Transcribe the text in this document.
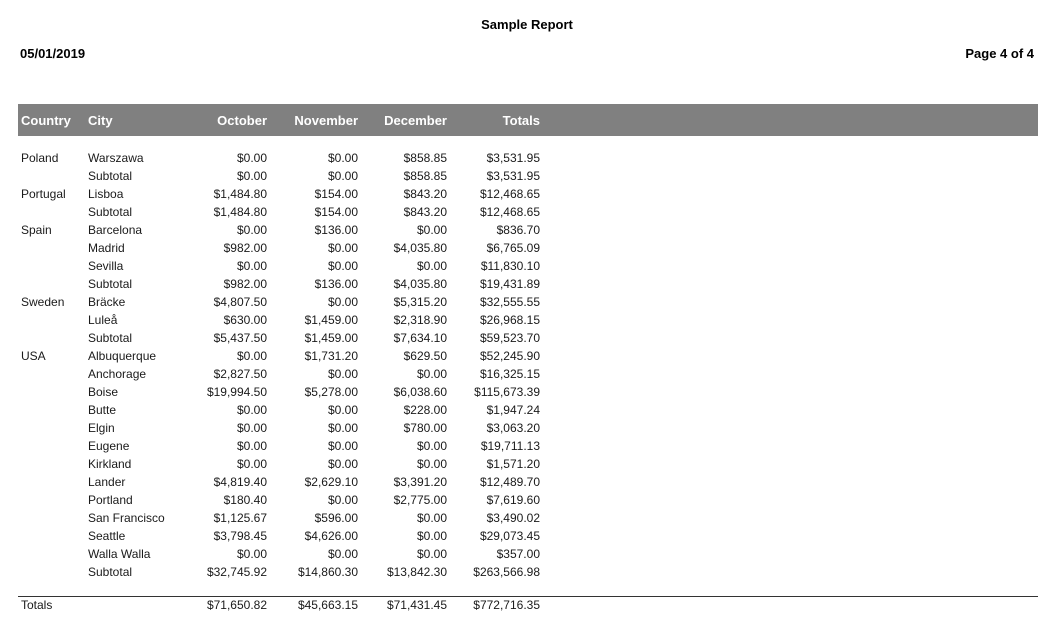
Sample Report
05/01/2019	Page 4 of 4
Country	City	October	November	December	Totals	

Poland	Warszawa	$0.00	$0.00	$858.85	$3,531.95	
	Subtotal	$0.00	$0.00	$858.85	$3,531.95	
Portugal	Lisboa	$1,484.80	$154.00	$843.20	$12,468.65	
	Subtotal	$1,484.80	$154.00	$843.20	$12,468.65	
Spain	Barcelona	$0.00	$136.00	$0.00	$836.70	
	Madrid	$982.00	$0.00	$4,035.80	$6,765.09	
	Sevilla	$0.00	$0.00	$0.00	$11,830.10	
	Subtotal	$982.00	$136.00	$4,035.80	$19,431.89	
Sweden	Bräcke	$4,807.50	$0.00	$5,315.20	$32,555.55	
	Luleå	$630.00	$1,459.00	$2,318.90	$26,968.15	
	Subtotal	$5,437.50	$1,459.00	$7,634.10	$59,523.70	
USA	Albuquerque	$0.00	$1,731.20	$629.50	$52,245.90	
	Anchorage	$2,827.50	$0.00	$0.00	$16,325.15	
	Boise	$19,994.50	$5,278.00	$6,038.60	$115,673.39	
	Butte	$0.00	$0.00	$228.00	$1,947.24	
	Elgin	$0.00	$0.00	$780.00	$3,063.20	
	Eugene	$0.00	$0.00	$0.00	$19,711.13	
	Kirkland	$0.00	$0.00	$0.00	$1,571.20	
	Lander	$4,819.40	$2,629.10	$3,391.20	$12,489.70	
	Portland	$180.40	$0.00	$2,775.00	$7,619.60	
	San Francisco	$1,125.67	$596.00	$0.00	$3,490.02	
	Seattle	$3,798.45	$4,626.00	$0.00	$29,073.45	
	Walla Walla	$0.00	$0.00	$0.00	$357.00	
	Subtotal	$32,745.92	$14,860.30	$13,842.30	$263,566.98	

Totals		$71,650.82	$45,663.15	$71,431.45	$772,716.35	
